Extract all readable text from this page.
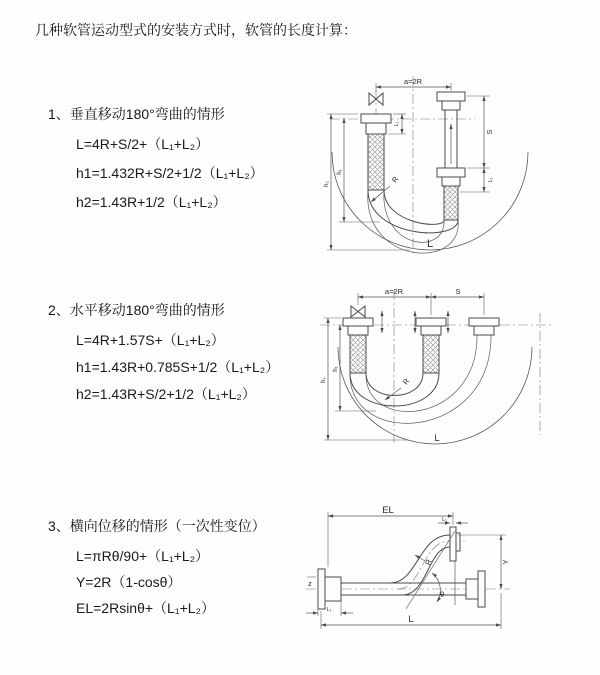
几种软管运动型式的安装方式时，软管的长度计算：
1、垂直移动180°弯曲的情形
L=4R+S/2+（L₁+L₂）
h1=1.432R+S/2+1/2（L₁+L₂）
h2=1.43R+1/2（L₁+L₂）
2、水平移动180°弯曲的情形
L=4R+1.57S+（L₁+L₂）
h1=1.43R+0.785S+1/2（L₁+L₂）
h2=1.43R+S/2+1/2（L₁+L₂）
3、横向位移的情形（一次性变位）
L=πRθ/90+（L₁+L₂）
Y=2R（1-cosθ）
EL=2Rsinθ+（L₁+L₂）
a=2R
L₁
S
L₁
h₂
h₁
R
L
a=2R	S
h₂
h₁
R
L
z
EL
L₁
Y
θ
R
L₁
L
